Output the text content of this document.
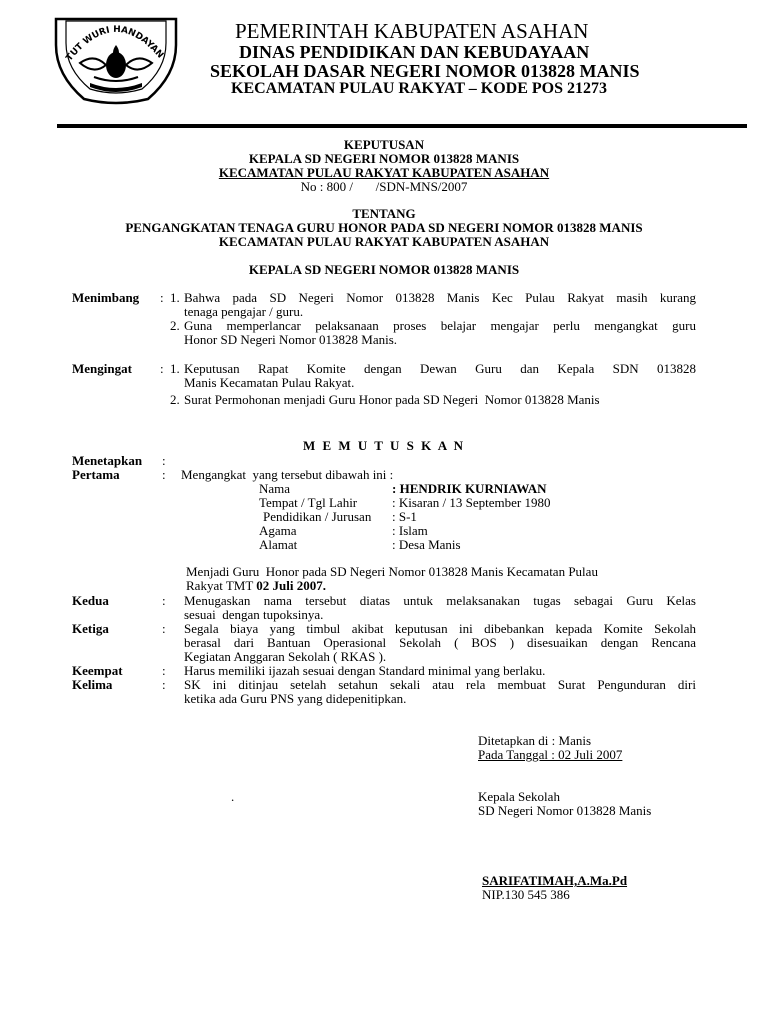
TUT WURI HANDAYAN
PEMERINTAH KABUPATEN ASAHAN
DINAS PENDIDIKAN DAN KEBUDAYAAN
SEKOLAH DASAR NEGERI NOMOR 013828 MANIS
KECAMATAN PULAU RAKYAT – KODE POS 21273
KEPUTUSAN
KEPALA SD NEGERI NOMOR 013828 MANIS
KECAMATAN PULAU RAKYAT KABUPATEN ASAHAN
No : 800 /       /SDN-MNS/2007
TENTANG
PENGANGKATAN TENAGA GURU HONOR PADA SD NEGERI NOMOR 013828 MANIS
KECAMATAN PULAU RAKYAT KABUPATEN ASAHAN
KEPALA SD NEGERI NOMOR 013828 MANIS
Menimbang : 1. Bahwa pada SD Negeri Nomor 013828 Manis Kec Pulau Rakyat masih kurang
tenaga pengajar / guru.
2. Guna memperlancar pelaksanaan proses belajar mengajar perlu mengangkat guru
Honor SD Negeri Nomor 013828 Manis.
Mengingat : 1. Keputusan Rapat Komite dengan Dewan Guru dan Kepala SDN 013828
Manis Kecamatan Pulau Rakyat.
2. Surat Permohonan menjadi Guru Honor pada SD Negeri  Nomor 013828 Manis
M E M U T U S K A N
Menetapkan :
Pertama	: Mengangkat  yang tersebut dibawah ini :
Nama	: HENDRIK KURNIAWAN
Tempat / Tgl Lahir	: Kisaran / 13 September 1980
Pendidikan / Jurusan : S-1
Agama	: Islam
Alamat	: Desa Manis
Menjadi Guru  Honor pada SD Negeri Nomor 013828 Manis Kecamatan Pulau
Rakyat TMT 02 Juli 2007.
Kedua	: Menugaskan nama tersebut diatas untuk melaksanakan tugas sebagai Guru Kelas
sesuai  dengan tupoksinya.
Ketiga	: Segala biaya yang timbul akibat keputusan ini dibebankan kepada Komite Sekolah
berasal dari Bantuan Operasional Sekolah ( BOS ) disesuaikan dengan Rencana
Kegiatan Anggaran Sekolah ( RKAS ).
Keempat	: Harus memiliki ijazah sesuai dengan Standard minimal yang berlaku.
Kelima	: SK ini ditinjau setelah setahun sekali atau rela membuat Surat Pengunduran diri
ketika ada Guru PNS yang didepenitipkan.
Ditetapkan di : Manis
Pada Tanggal : 02 Juli 2007
.	Kepala Sekolah
SD Negeri Nomor 013828 Manis
SARIFATIMAH,A.Ma.Pd
NIP.130 545 386
